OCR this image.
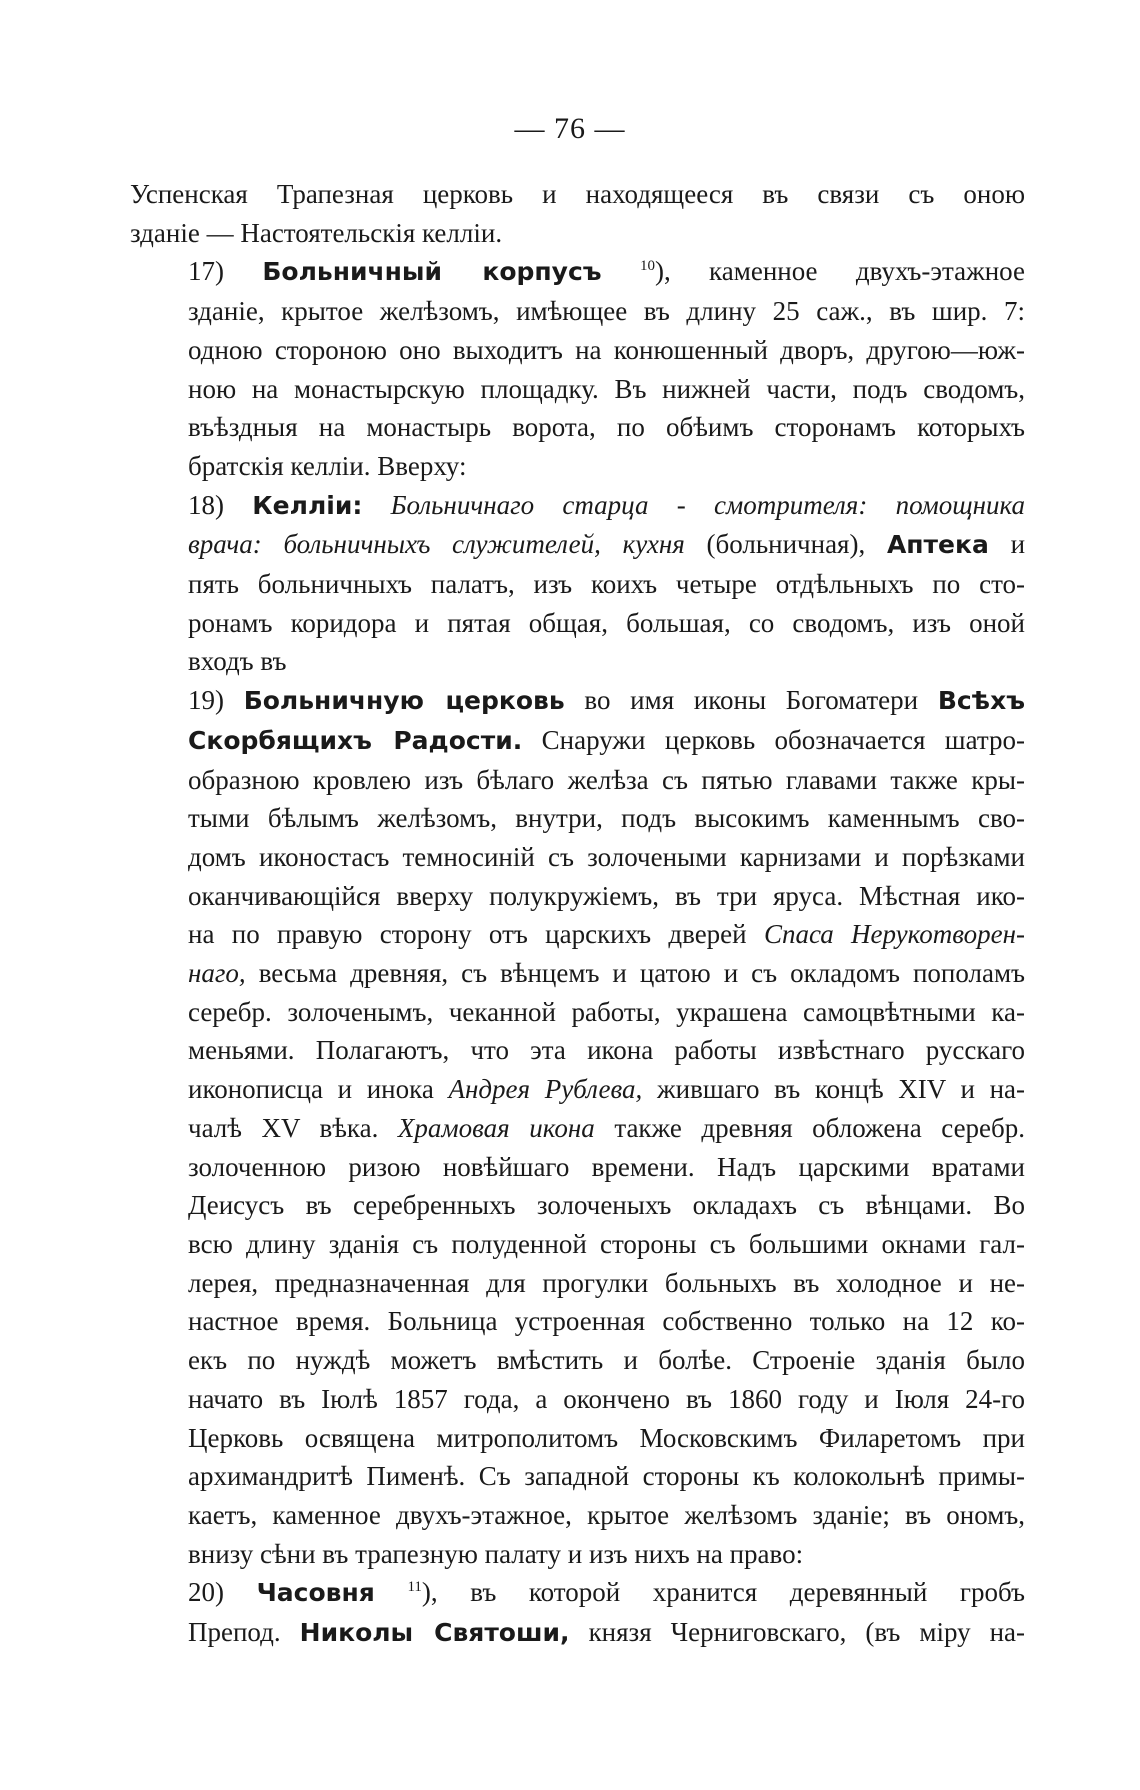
— 76 —

Успенская Трапезная церковь и находящееся въ связи съ оною
зданіе — Настоятельскія келліи.

17) Больничный корпусъ	$^{10}$), каменное двухъ-этажное
зданіе, крытое желѣзомъ, имѣющее въ длину 25 саж., въ шир. 7:
одною стороною оно выходитъ на конюшенный дворъ, другою—юж-
ною на монастырскую площадку. Въ нижней части, подъ сводомъ,
въѣздныя на монастырь ворота, по обѣимъ сторонамъ которыхъ
братскія келліи. Вверху:

18) Келліи: Больничнаго старца - смотрителя: помощника
врача: больничныхъ служителей, кухня (больничная), Аптека и
пять больничныхъ палатъ, изъ коихъ четыре отдѣльныхъ по сто-
ронамъ коридора и пятая общая, большая, со сводомъ, изъ оной
входъ въ

19) Больничную церковь во имя иконы Богоматери Всѣхъ
Скорбящихъ Радости. Снаружи церковь обозначается шатро-
образною кровлею изъ бѣлаго желѣза съ пятью главами также кры-
тыми бѣлымъ желѣзомъ, внутри, подъ высокимъ каменнымъ сво-
домъ иконостасъ темносиній съ золочеными карнизами и порѣзками
оканчивающійся вверху полукружіемъ, въ три яруса. Мѣстная ико-
на по правую сторону отъ царскихъ дверей Спаса Нерукотворен-
наго, весьма древняя, съ вѣнцемъ и цатою и съ окладомъ пополамъ
серебр. золоченымъ, чеканной работы, украшена самоцвѣтными ка-
меньями. Полагаютъ, что эта икона работы извѣстнаго русскаго
иконописца и инока Андрея Рублева, жившаго въ концѣ XIV и на-
чалѣ XV вѣка. Храмовая икона также древняя обложена серебр.
золоченною ризою новѣйшаго времени. Надъ царскими вратами
Деисусъ въ серебренныхъ золоченыхъ окладахъ съ вѣнцами. Во
всю длину зданія съ полуденной стороны съ большими окнами гал-
лерея, предназначенная для прогулки больныхъ въ холодное и не-
настное время. Больница устроенная собственно только на 12 ко-
екъ по нуждѣ можетъ вмѣстить и болѣе. Строеніе зданія было
начато въ Іюлѣ 1857 года, а окончено въ 1860 году и Іюля 24-го
Церковь освящена митрополитомъ Московскимъ Филаретомъ при
архимандритѣ Пименѣ. Съ западной стороны къ колокольнѣ примы-
каетъ, каменное двухъ-этажное, крытое желѣзомъ зданіе; въ ономъ,
внизу сѣни въ трапезную палату и изъ нихъ на право:

20) Часовня $^{11}$), въ которой хранится деревянный гробъ
Препод. Николы Святоши, князя Черниговскаго, (въ міру на-
